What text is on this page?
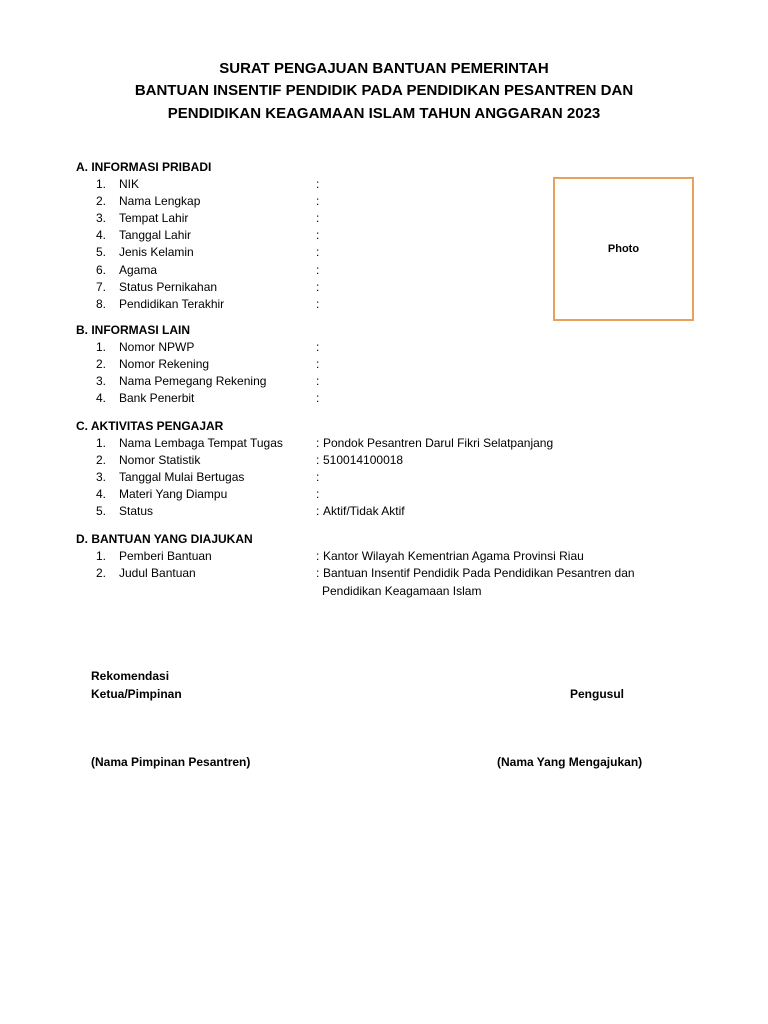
SURAT PENGAJUAN BANTUAN PEMERINTAH
BANTUAN INSENTIF PENDIDIK PADA PENDIDIKAN PESANTREN DAN
PENDIDIKAN KEAGAMAAN ISLAM TAHUN ANGGARAN 2023
Photo
A. INFORMASI PRIBADI
1. NIK	:
2. Nama Lengkap	:
3. Tempat Lahir	:
4. Tanggal Lahir	:
5. Jenis Kelamin	:
6. Agama	:
7. Status Pernikahan	:
8. Pendidikan Terakhir	:
B. INFORMASI LAIN
1. Nomor NPWP	:
2. Nomor Rekening	:
3. Nama Pemegang Rekening	:
4. Bank Penerbit	:
C. AKTIVITAS PENGAJAR
1. Nama Lembaga Tempat Tugas	: Pondok Pesantren Darul Fikri Selatpanjang
2. Nomor Statistik	: 510014100018
3. Tanggal Mulai Bertugas	:
4. Materi Yang Diampu	:
5. Status	: Aktif/Tidak Aktif
D. BANTUAN YANG DIAJUKAN
1. Pemberi Bantuan	: Kantor Wilayah Kementrian Agama Provinsi Riau
2. Judul Bantuan	: Bantuan Insentif Pendidik Pada Pendidikan Pesantren dan
Pendidikan Keagamaan Islam
Rekomendasi
Ketua/Pimpinan	Pengusul
(Nama Pimpinan Pesantren)	(Nama Yang Mengajukan)
